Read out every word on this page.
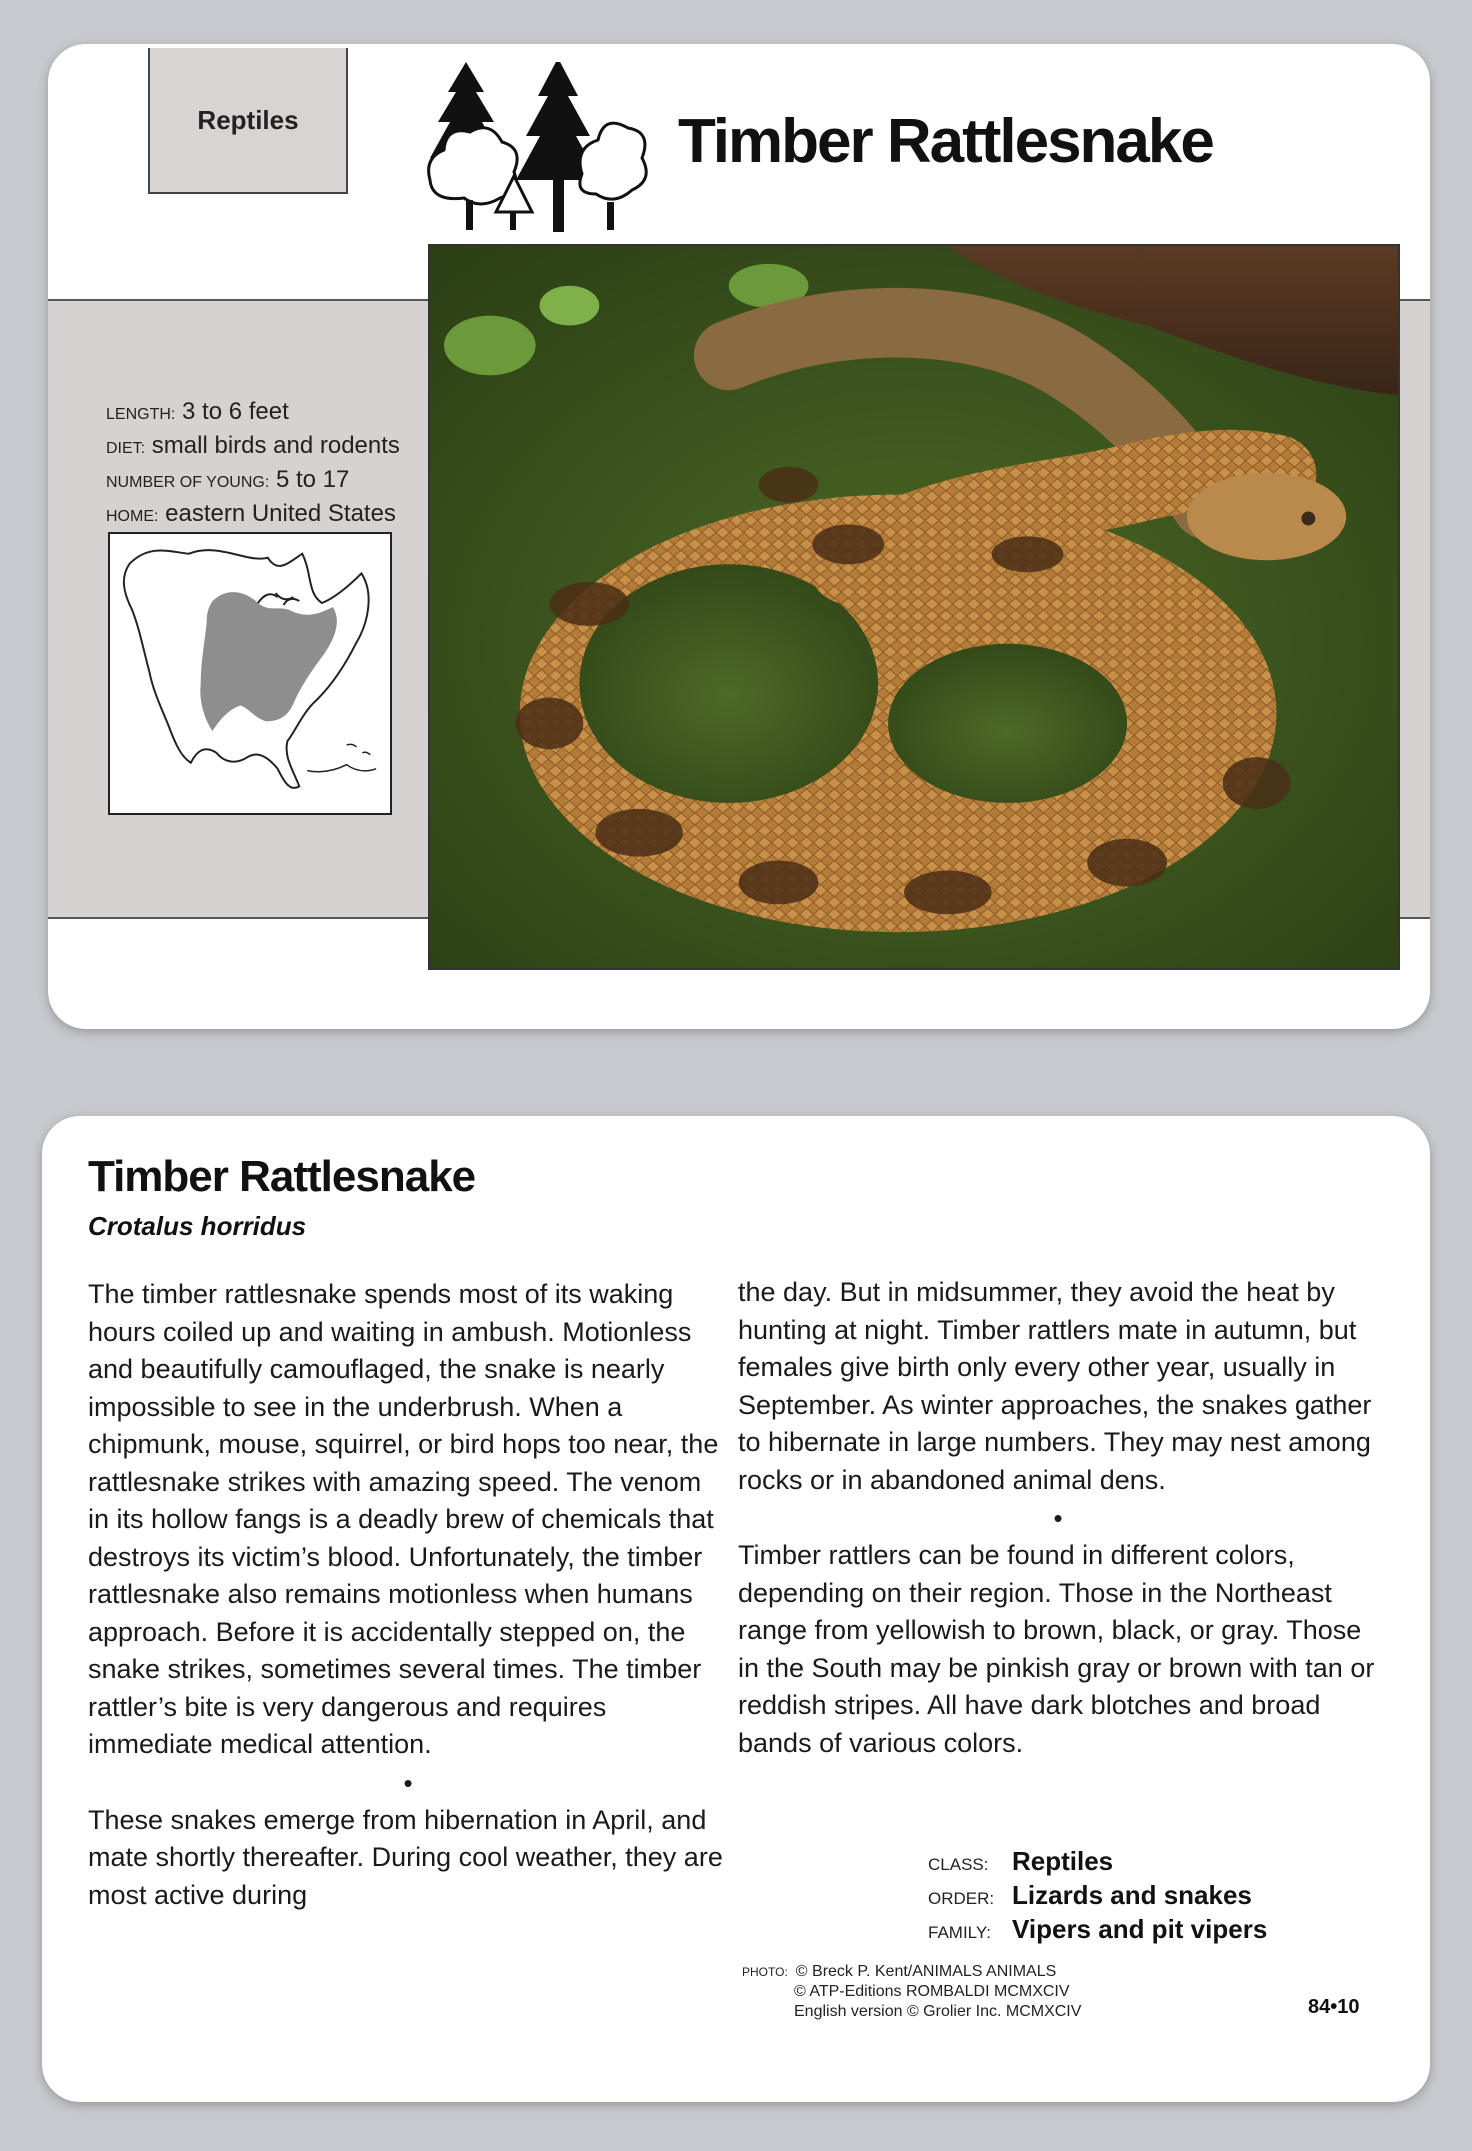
Reptiles	Timber Rattlesnake
LENGTH: 3 to 6 feet
DIET: small birds and rodents
NUMBER OF YOUNG: 5 to 17
HOME: eastern United States
Timber Rattlesnake
Crotalus horridus

The timber rattlesnake spends most of its waking hours coiled up and waiting in ambush. Motionless and beautifully camouflaged, the snake is nearly impossible to see in the underbrush. When a chipmunk, mouse, squirrel, or bird hops too near, the rattlesnake strikes with amazing speed. The venom in its hollow fangs is a deadly brew of chemicals that destroys its victim’s blood. Unfortunately, the timber rattlesnake also remains motionless when humans approach. Before it is accidentally stepped on, the snake strikes, sometimes several times. The timber rattler’s bite is very dangerous and requires immediate medical attention.

•

These snakes emerge from hibernation in April, and mate shortly thereafter. During cool weather, they are most active during

the day. But in midsummer, they avoid the heat by hunting at night. Timber rattlers mate in autumn, but females give birth only every other year, usually in September. As winter approaches, the snakes gather to hibernate in large numbers. They may nest among rocks or in abandoned animal dens.

•

Timber rattlers can be found in different colors, depending on their region. Those in the Northeast range from yellowish to brown, black, or gray. Those in the South may be pinkish gray or brown with tan or reddish stripes. All have dark blotches and broad bands of various colors.

CLASS: Reptiles
ORDER: Lizards and snakes
FAMILY: Vipers and pit vipers
PHOTO: © Breck P. Kent/ANIMALS ANIMALS
© ATP-Editions ROMBALDI MCMXCIV
English version © Grolier Inc. MCMXCIV	84•10
